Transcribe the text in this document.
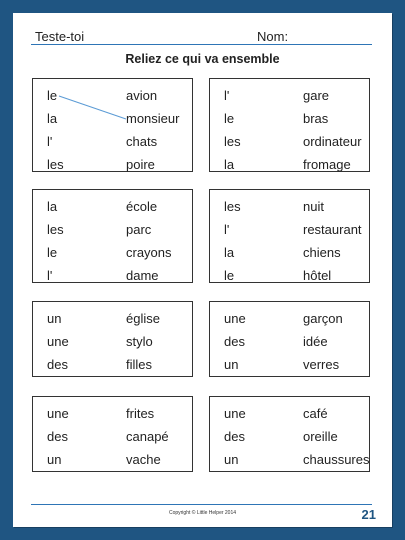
Teste-toi	Nom:
Reliez ce qui va ensemble
le	avion
la	monsieur
l'	chats
les	poire
l'	gare
le	bras
les	ordinateur
la	fromage
la	école
les	parc
le	crayons
l'	dame
les	nuit
l'	restaurant
la	chiens
le	hôtel
un	église
une	stylo
des	filles
une	garçon
des	idée
un	verres
une	frites
des	canapé
un	vache
une	café
des	oreille
un	chaussures
Copyright © Little Helper 2014	21
